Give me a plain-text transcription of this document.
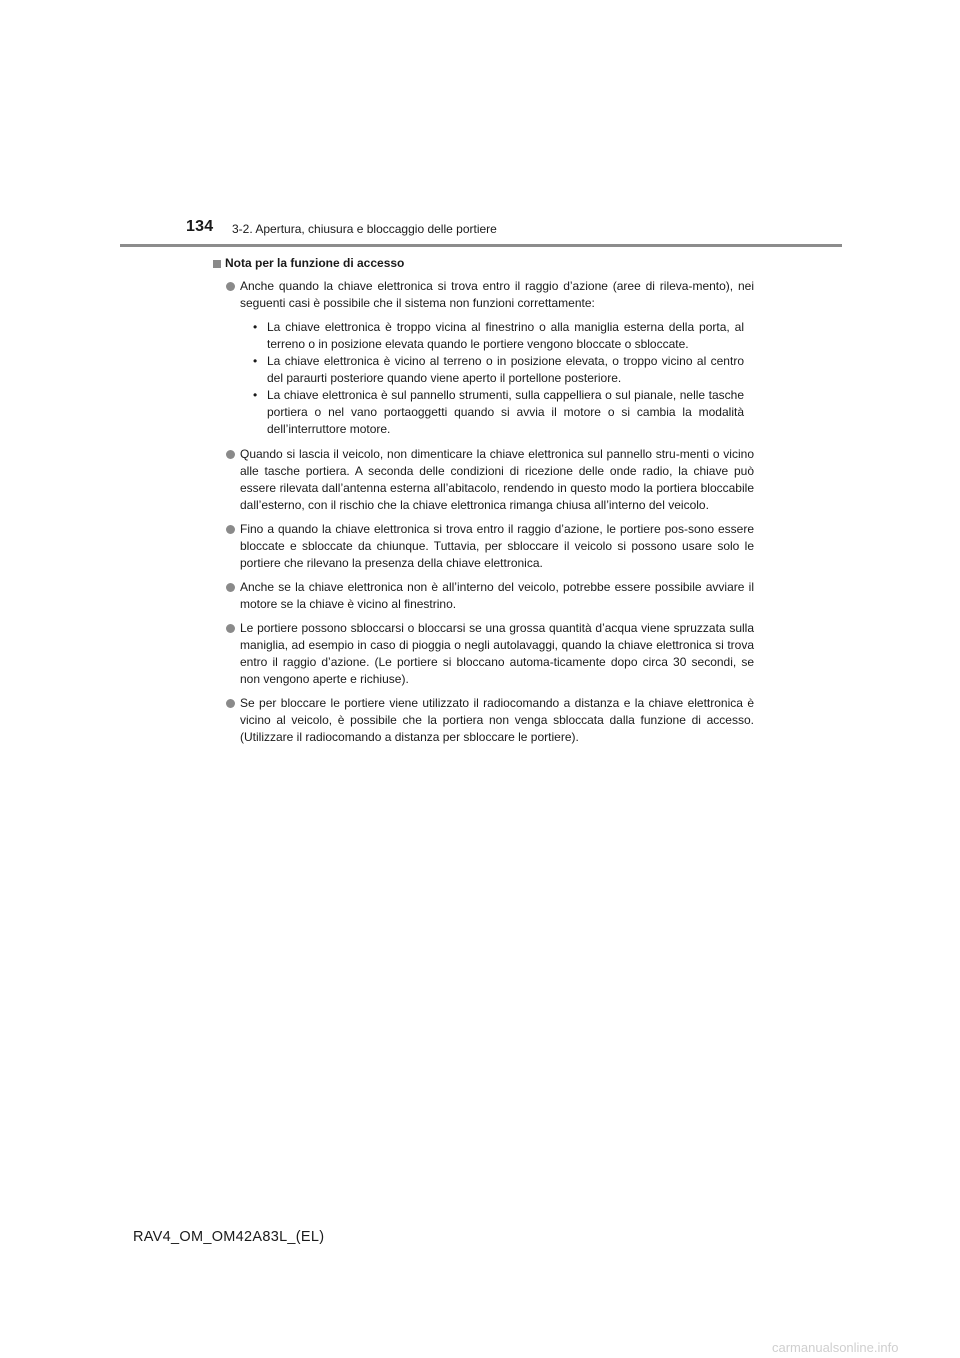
134 3-2. Apertura, chiusura e bloccaggio delle portiere
Nota per la funzione di accesso
Anche quando la chiave elettronica si trova entro il raggio d’azione (aree di rileva-mento), nei seguenti casi è possibile che il sistema non funzioni correttamente:
• La chiave elettronica è troppo vicina al finestrino o alla maniglia esterna della porta, al terreno o in posizione elevata quando le portiere vengono bloccate o sbloccate.
• La chiave elettronica è vicino al terreno o in posizione elevata, o troppo vicino al centro del paraurti posteriore quando viene aperto il portellone posteriore.
• La chiave elettronica è sul pannello strumenti, sulla cappelliera o sul pianale, nelle tasche portiera o nel vano portaoggetti quando si avvia il motore o si cambia la modalità dell’interruttore motore.
Quando si lascia il veicolo, non dimenticare la chiave elettronica sul pannello stru-menti o vicino alle tasche portiera. A seconda delle condizioni di ricezione delle onde radio, la chiave può essere rilevata dall’antenna esterna all’abitacolo, rendendo in questo modo la portiera bloccabile dall’esterno, con il rischio che la chiave elettronica rimanga chiusa all’interno del veicolo.
Fino a quando la chiave elettronica si trova entro il raggio d’azione, le portiere pos-sono essere bloccate e sbloccate da chiunque. Tuttavia, per sbloccare il veicolo si possono usare solo le portiere che rilevano la presenza della chiave elettronica.
Anche se la chiave elettronica non è all’interno del veicolo, potrebbe essere possibile avviare il motore se la chiave è vicino al finestrino.
Le portiere possono sbloccarsi o bloccarsi se una grossa quantità d’acqua viene spruzzata sulla maniglia, ad esempio in caso di pioggia o negli autolavaggi, quando la chiave elettronica si trova entro il raggio d’azione. (Le portiere si bloccano automa-ticamente dopo circa 30 secondi, se non vengono aperte e richiuse).
Se per bloccare le portiere viene utilizzato il radiocomando a distanza e la chiave elettronica è vicino al veicolo, è possibile che la portiera non venga sbloccata dalla funzione di accesso. (Utilizzare il radiocomando a distanza per sbloccare le portiere).
RAV4_OM_OM42A83L_(EL)
carmanualsonline.info
